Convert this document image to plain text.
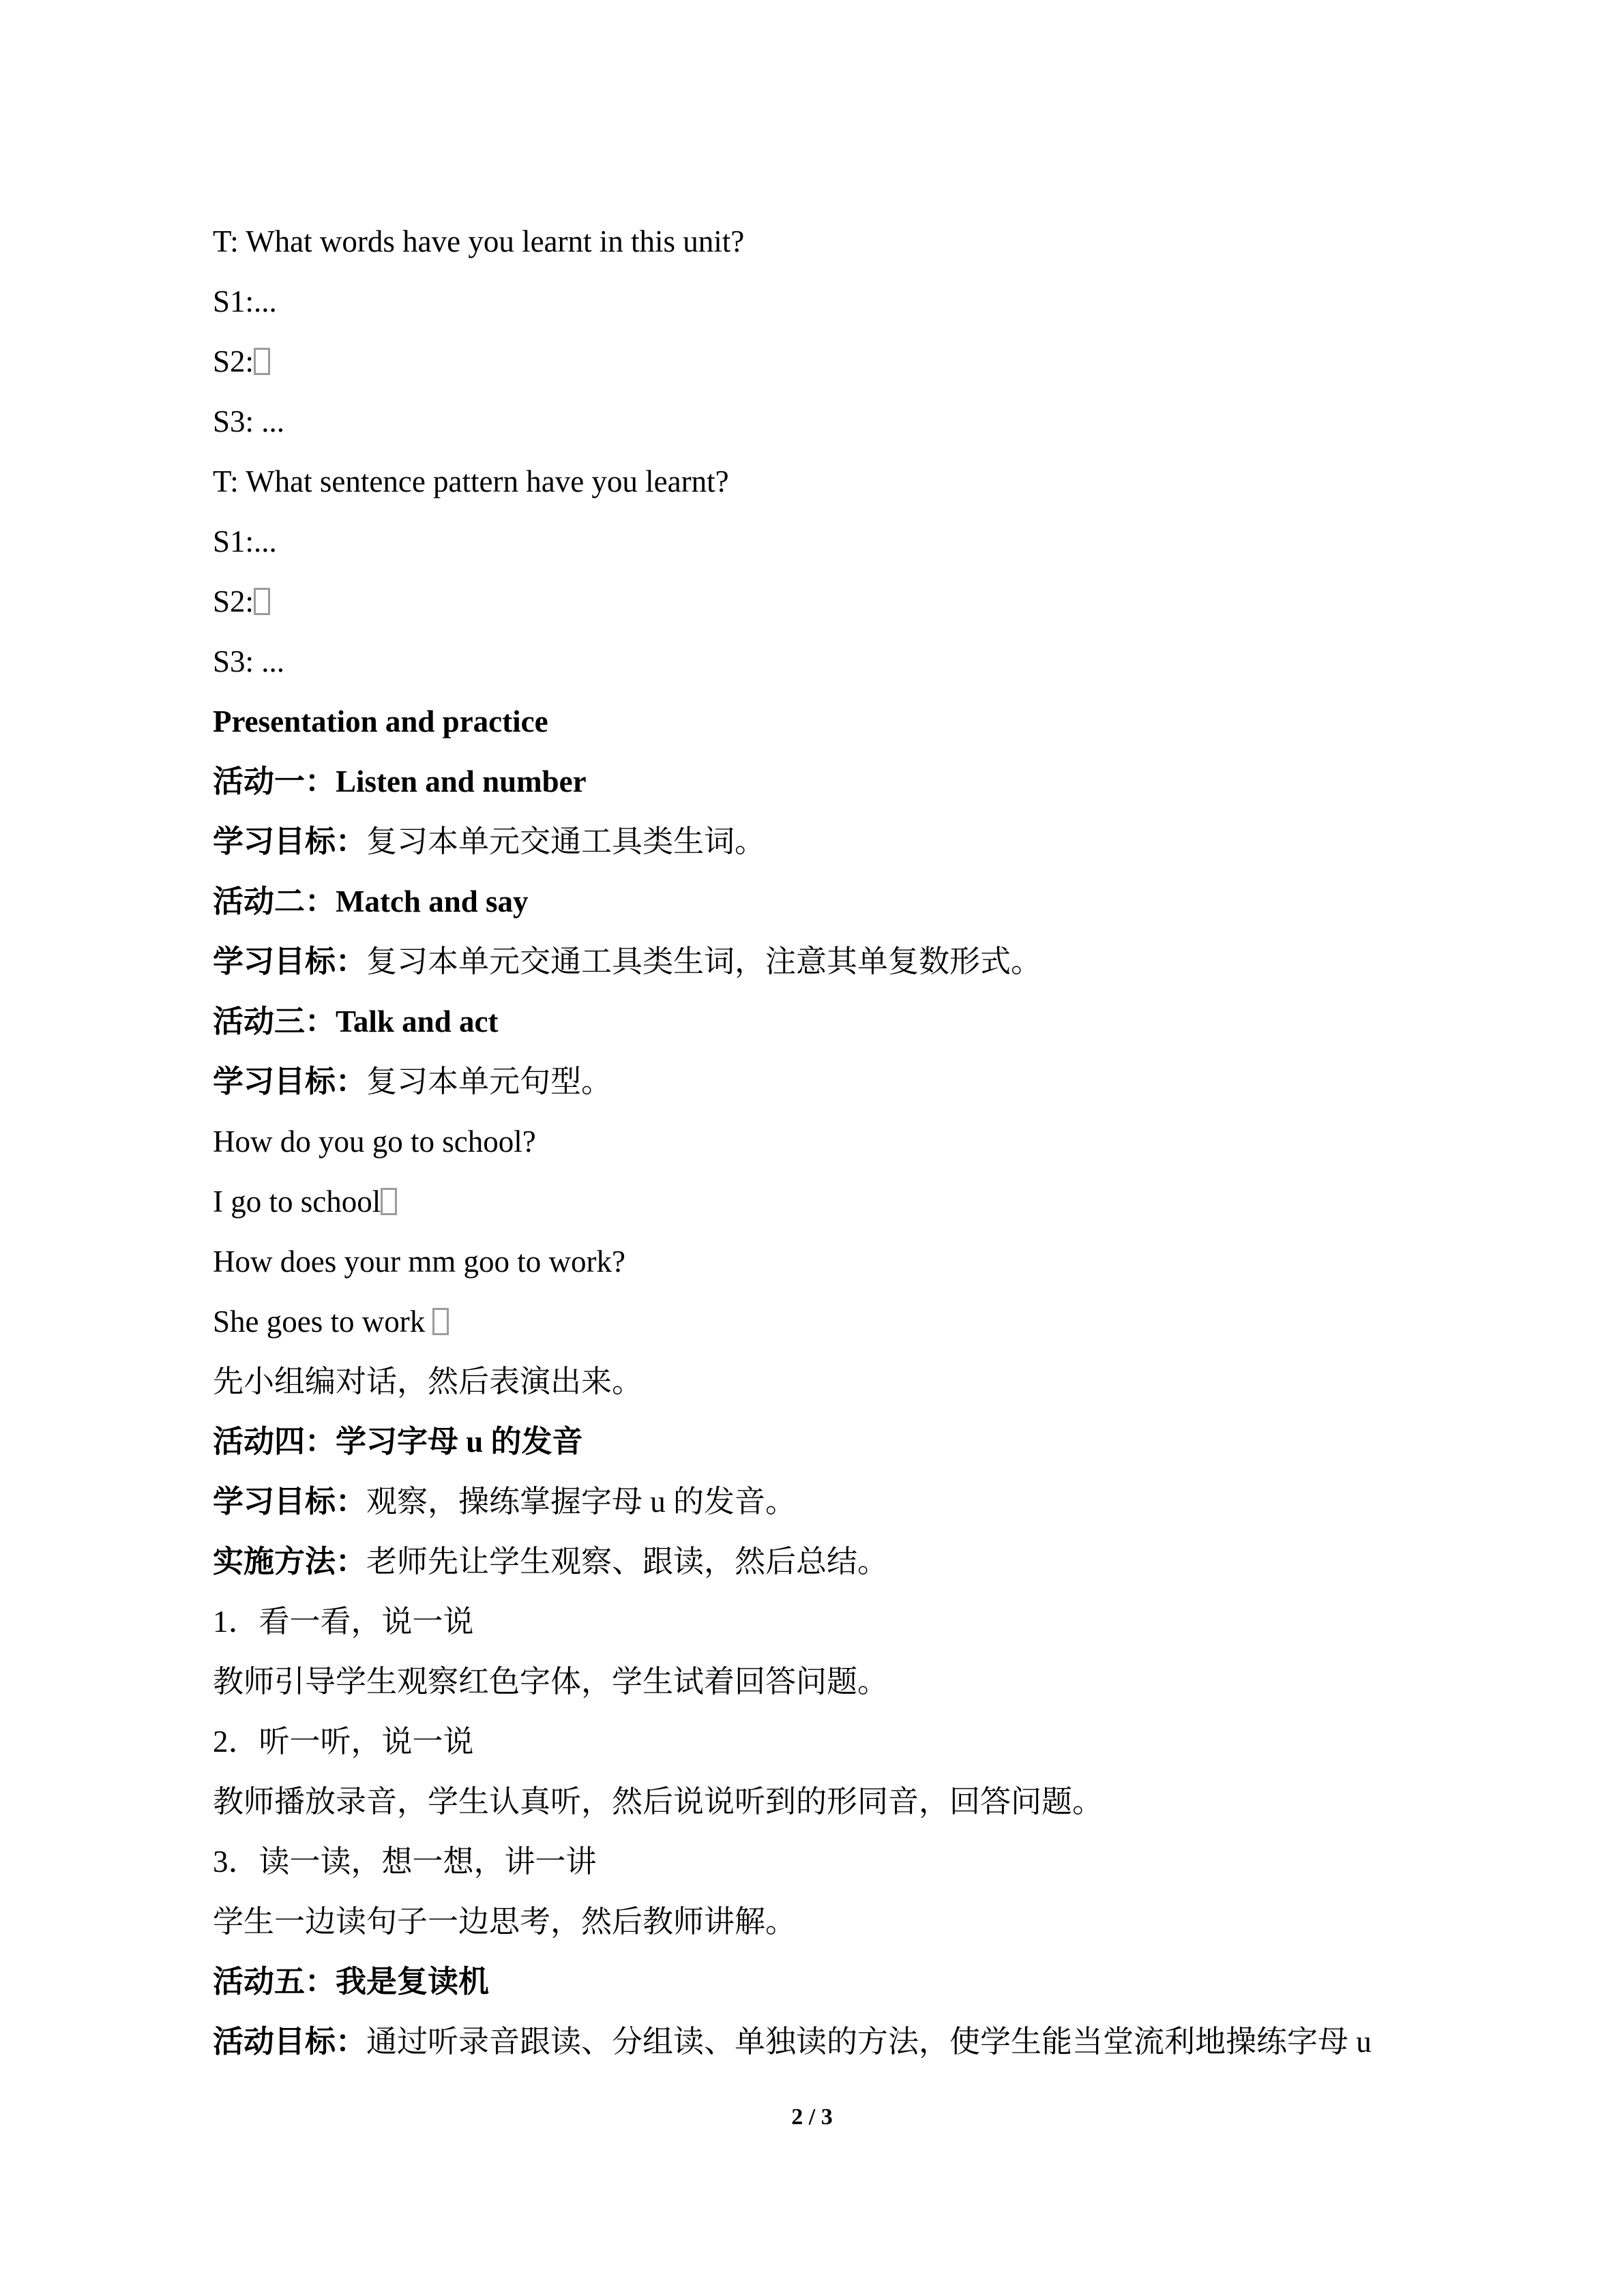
T: What words have you learnt in this unit?

S1:...

S2:

S3: ...

T: What sentence pattern have you learnt?

S1:...

S2:

S3: ...

Presentation and practice

活动一：Listen and number

学习目标：复习本单元交通工具类生词。

活动二：Match and say

学习目标：复习本单元交通工具类生词，注意其单复数形式。

活动三：Talk and act

学习目标：复习本单元句型。

How do you go to school?

I go to school

How does your mm goo to work?

She goes to work

先小组编对话，然后表演出来。

活动四：学习字母 u 的发音

学习目标：观察，操练掌握字母 u 的发音。

实施方法：老师先让学生观察、跟读，然后总结。

1．看一看，说一说

教师引导学生观察红色字体，学生试着回答问题。

2．听一听，说一说

教师播放录音，学生认真听，然后说说听到的形同音，回答问题。

3．读一读，想一想，讲一讲

学生一边读句子一边思考，然后教师讲解。

活动五：我是复读机

活动目标：通过听录音跟读、分组读、单独读的方法，使学生能当堂流利地操练字母 u

2 / 3
